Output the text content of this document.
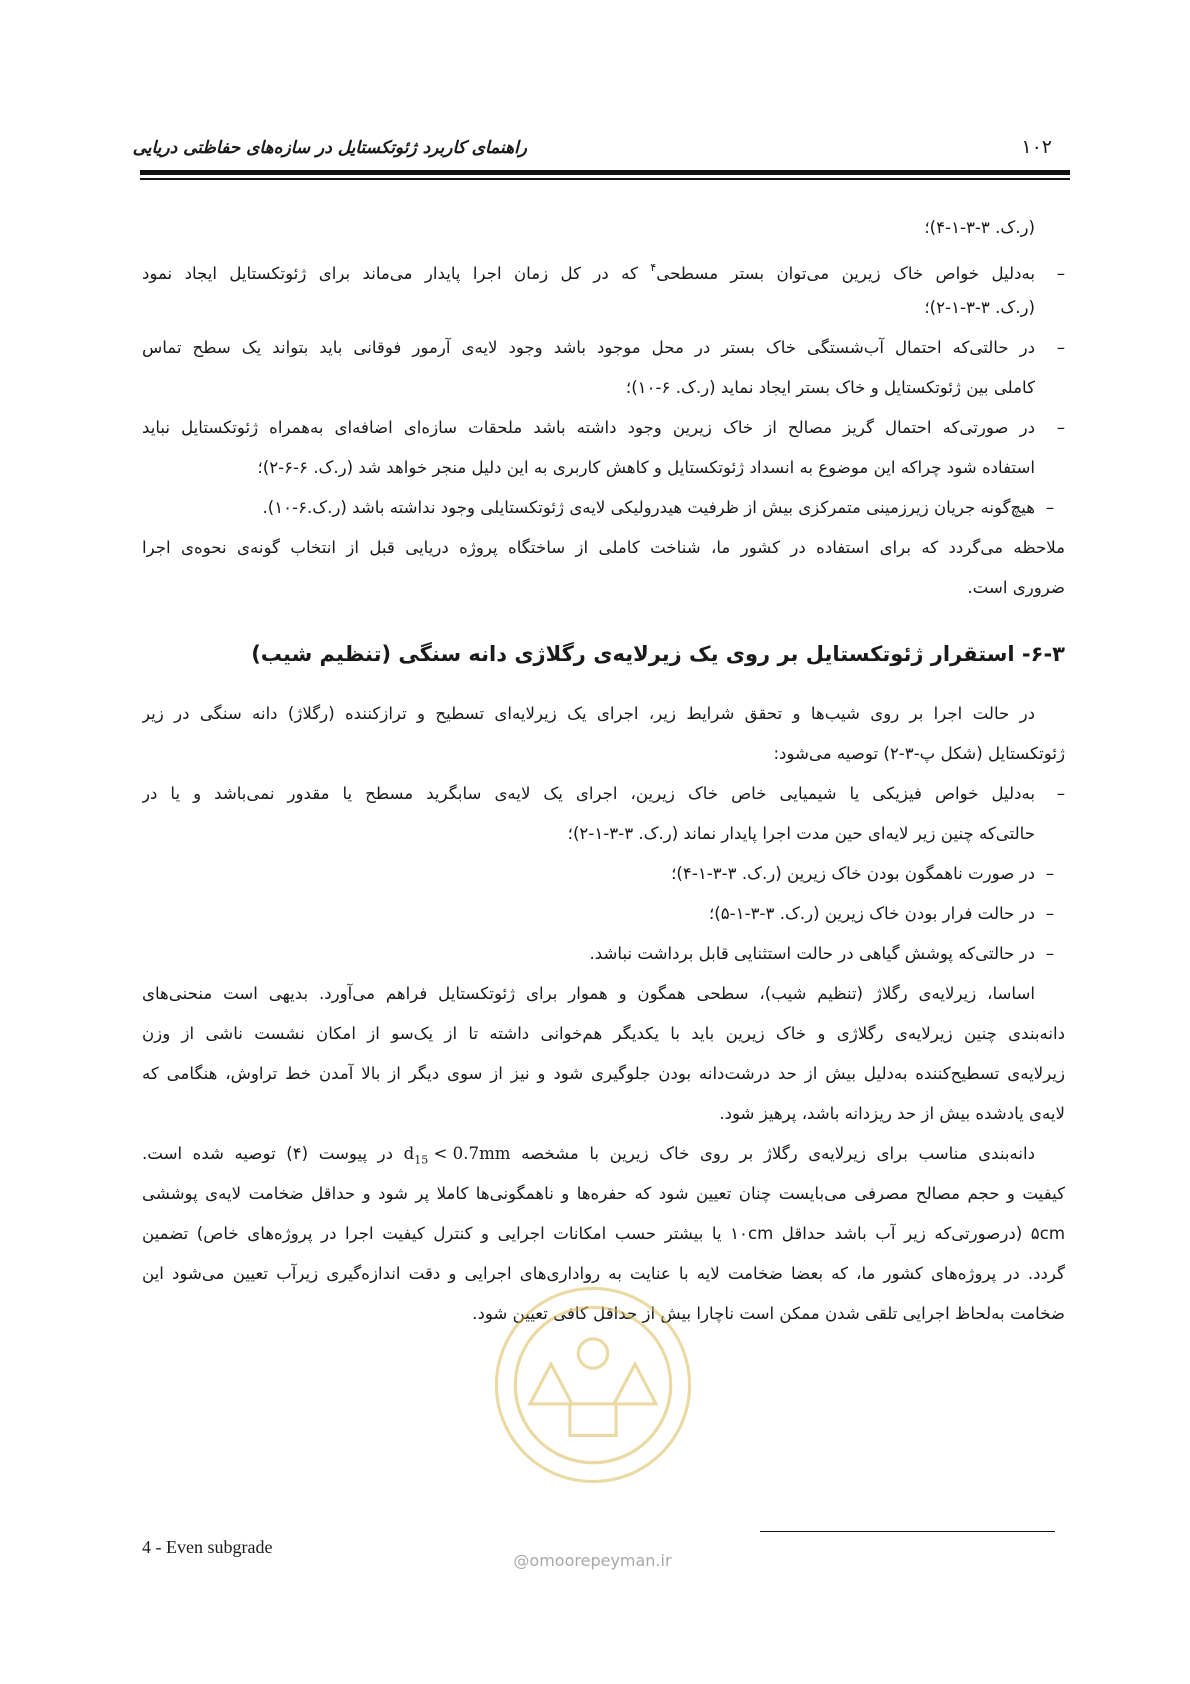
راهنمای کاربرد ژئوتکستایل در سازه‌های حفاظتی دریایی	۱۰۲
(ر.ک. ۳-۳-۱-۴)؛
–به‌دلیل خواص خاک زیرین می‌توان بستر مسطحی$^۴$ که در کل زمان اجرا پایدار می‌ماند برای ژئوتکستایل ایجاد نمود
(ر.ک. ۳-۳-۱-۲)؛
–در حالتی‌که احتمال آب‌شستگی خاک بستر در محل موجود باشد وجود لایه‌ی آرمور فوقانی باید بتواند یک سطح تماس
کاملی بین ژئوتکستایل و خاک بستر ایجاد نماید (ر.ک. ۶-۱۰)؛
–در صورتی‌که احتمال گریز مصالح از خاک زیرین وجود داشته باشد ملحقات سازه‌ای اضافه‌ای به‌همراه ژئوتکستایل نباید
استفاده شود چراکه این موضوع به انسداد ژئوتکستایل و کاهش کاربری به این دلیل منجر خواهد شد (ر.ک. ۶-۶-۲)؛
–هیچ‌گونه جریان زیرزمینی متمرکزی بیش از ظرفیت هیدرولیکی لایه‌ی ژئوتکستایلی وجود نداشته باشد (ر.ک.۶-۱۰).
ملاحظه می‌گردد که برای استفاده در کشور ما، شناخت کاملی از ساختگاه پروژه دریایی قبل از انتخاب گونه‌ی نحوه‌ی اجرا
ضروری است.
۶-۳- استقرار ژئوتکستایل بر روی یک زیرلایه‌ی رگلاژی دانه سنگی (تنظیم شیب)
در حالت اجرا بر روی شیب‌ها و تحقق شرایط زیر، اجرای یک زیرلایه‌ای تسطیح و ترازکننده (رگلاژ) دانه سنگی در زیر
ژئوتکستایل (شکل پ-۳-۲) توصیه می‌شود:
–به‌دلیل خواص فیزیکی یا شیمیایی خاص خاک زیرین، اجرای یک لایه‌ی سابگرید مسطح یا مقدور نمی‌باشد و یا در
حالتی‌که چنین زیر لایه‌ای حین مدت اجرا پایدار نماند (ر.ک. ۳-۳-۱-۲)؛
–در صورت ناهمگون بودن خاک زیرین (ر.ک. ۳-۳-۱-۴)؛
–در حالت فرار بودن خاک زیرین (ر.ک. ۳-۳-۱-۵)؛
–در حالتی‌که پوشش گیاهی در حالت استثنایی قابل برداشت نباشد.
اساسا، زیرلایه‌ی رگلاژ (تنظیم شیب)، سطحی همگون و هموار برای ژئوتکستایل فراهم می‌آورد. بدیهی است منحنی‌های
دانه‌بندی چنین زیرلایه‌ی رگلاژی و خاک زیرین باید با یکدیگر هم‌خوانی داشته تا از یک‌سو از امکان نشست ناشی از وزن
زیرلایه‌ی تسطیح‌کننده به‌دلیل بیش از حد درشت‌دانه بودن جلوگیری شود و نیز از سوی دیگر از بالا آمدن خط تراوش، هنگامی که
لایه‌ی یادشده بیش از حد ریزدانه باشد، پرهیز شود.
دانه‌بندی مناسب برای زیرلایه‌ی رگلاژ بر روی خاک زیرین با مشخصه $d_{15} < 0.7mm$ در پیوست (۴) توصیه شده است.
کیفیت و حجم مصالح مصرفی می‌بایست چنان تعیین شود که حفره‌ها و ناهمگونی‌ها کاملا پر شود و حداقل ضخامت لایه‌ی پوششی
۵cm (درصورتی‌که زیر آب باشد حداقل ۱۰cm یا بیشتر حسب امکانات اجرایی و کنترل کیفیت اجرا در پروژه‌های خاص) تضمین
گردد. در پروژه‌های کشور ما، که بعضا ضخامت لایه با عنایت به رواداری‌های اجرایی و دقت اندازه‌گیری زیرآب تعیین می‌شود این
ضخامت به‌لحاظ اجرایی تلقی شدن ممکن است ناچارا بیش از حداقل کافی تعیین شود.
4 - Even subgrade
@omoorepeyman.ir
